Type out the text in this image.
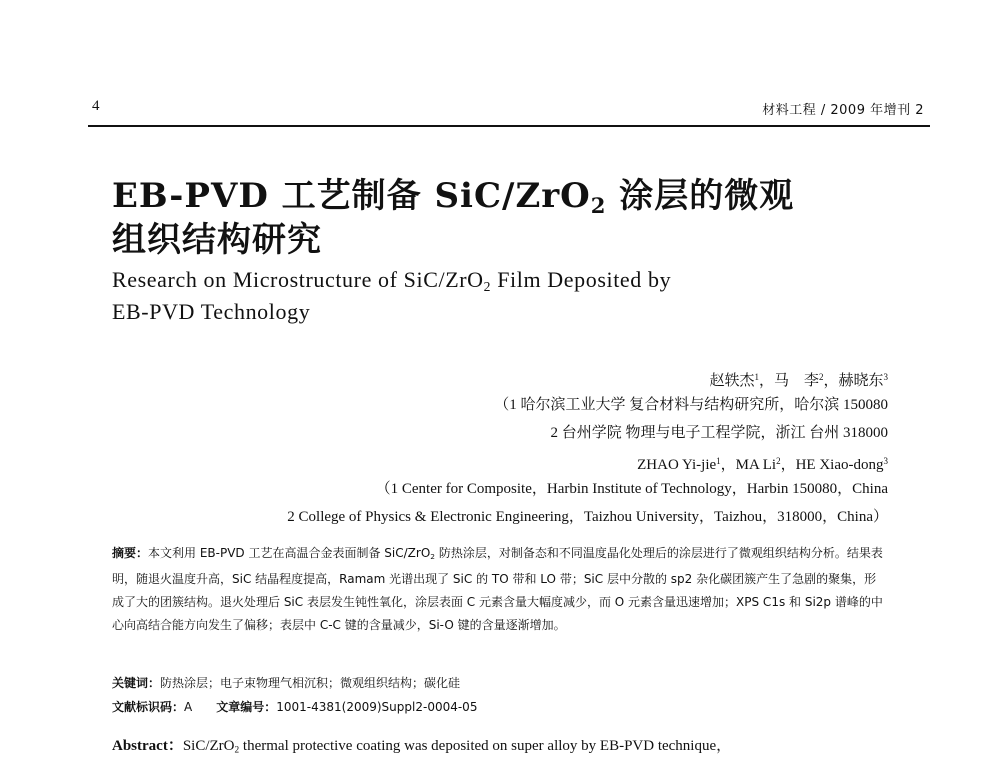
4	材料工程 / 2009 年增刊 2
EB-PVD 工艺制备 SiC/ZrO$_2$ 涂层的微观
组织结构研究
Research on Microstructure of SiC/ZrO$_2$ Film Deposited by
EB-PVD Technology
赵轶杰$^1$，马　李$^2$，赫晓东$^3$
（1 哈尔滨工业大学 复合材料与结构研究所，哈尔滨 150080
2 台州学院 物理与电子工程学院，浙江 台州 318000
ZHAO Yi-jie$^1$，MA Li$^2$，HE Xiao-dong$^3$
（1 Center for Composite，Harbin Institute of Technology，Harbin 150080，China
2 College of Physics & Electronic Engineering，Taizhou University，Taizhou，318000，China）
摘要：本文利用 EB-PVD 工艺在高温合金表面制备 SiC/ZrO$_2$ 防热涂层，对制备态和不同温度晶化处理后的涂层进行了微观组织结构分析。结果表明，随退火温度升高，SiC 结晶程度提高，Ramam 光谱出现了 SiC 的 TO 带和 LO 带；SiC 层中分散的 sp2 杂化碳团簇产生了急剧的聚集，形成了大的团簇结构。退火处理后 SiC 表层发生钝性氧化，涂层表面 C 元素含量大幅度减少，而 O 元素含量迅速增加；XPS C1s 和 Si2p 谱峰的中心向高结合能方向发生了偏移；表层中 C-C 键的含量减少，Si-O 键的含量逐渐增加。
关键词：防热涂层；电子束物理气相沉积；微观组织结构；碳化硅
文献标识码：A 文章编号：1001-4381(2009)Suppl2-0004-05
Abstract：SiC/ZrO$_2$ thermal protective coating was deposited on super alloy by EB-PVD technique，
